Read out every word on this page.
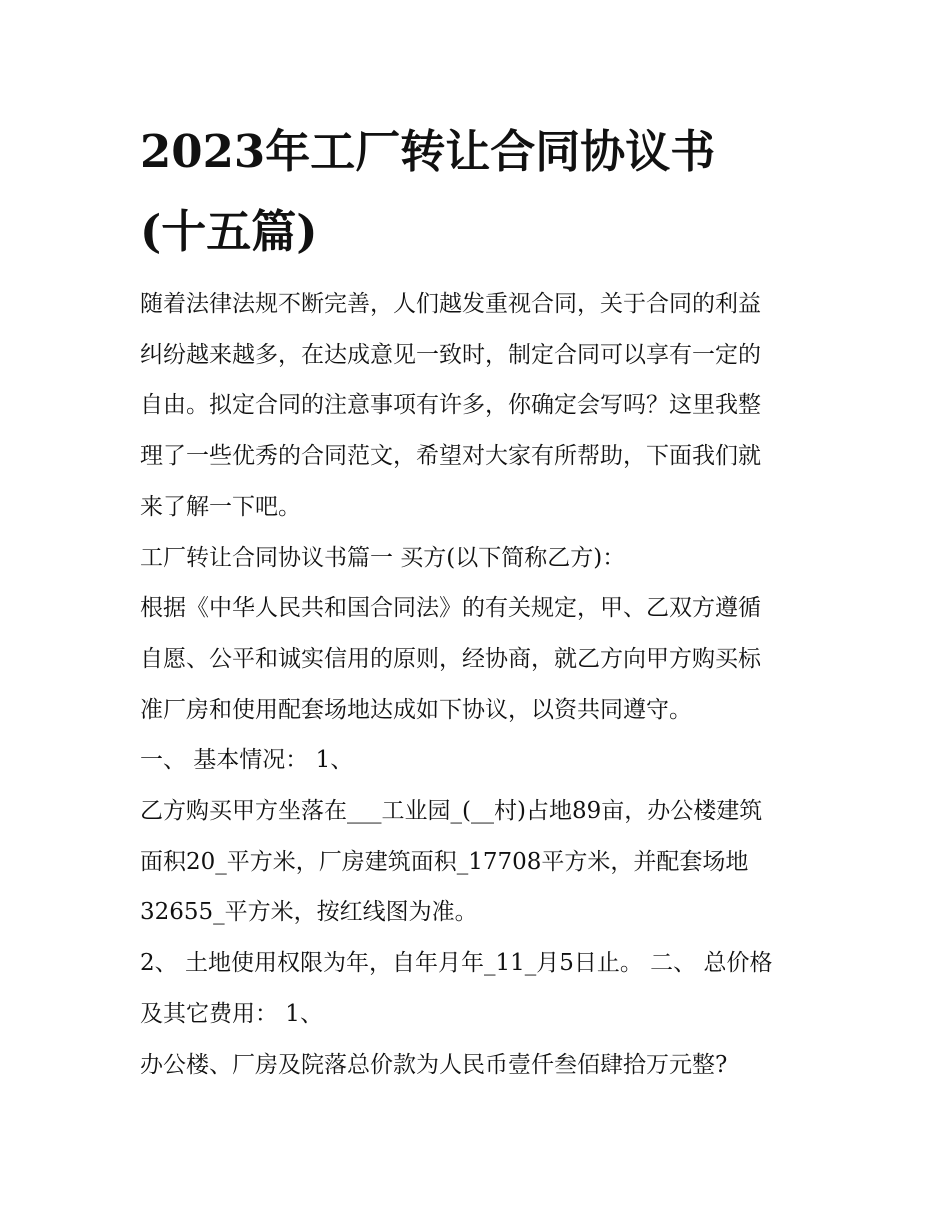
2023年工厂转让合同协议书
(十五篇)
随着法律法规不断完善，人们越发重视合同，关于合同的利益
纠纷越来越多，在达成意见一致时，制定合同可以享有一定的
自由。拟定合同的注意事项有许多，你确定会写吗？这里我整
理了一些优秀的合同范文，希望对大家有所帮助，下面我们就
来了解一下吧。
工厂转让合同协议书篇一 买方(以下简称乙方)：
根据《中华人民共和国合同法》的有关规定，甲、乙双方遵循
自愿、公平和诚实信用的原则，经协商，就乙方向甲方购买标
准厂房和使用配套场地达成如下协议，以资共同遵守。
一、 基本情况： 1、
乙方购买甲方坐落在___工业园_(__村)占地89亩，办公楼建筑
面积20_平方米，厂房建筑面积_17708平方米，并配套场地
32655_平方米，按红线图为准。
2、 土地使用权限为年，自年月年_11_月5日止。 二、 总价格
及其它费用： 1、
办公楼、厂房及院落总价款为人民币壹仟叁佰肆拾万元整?
